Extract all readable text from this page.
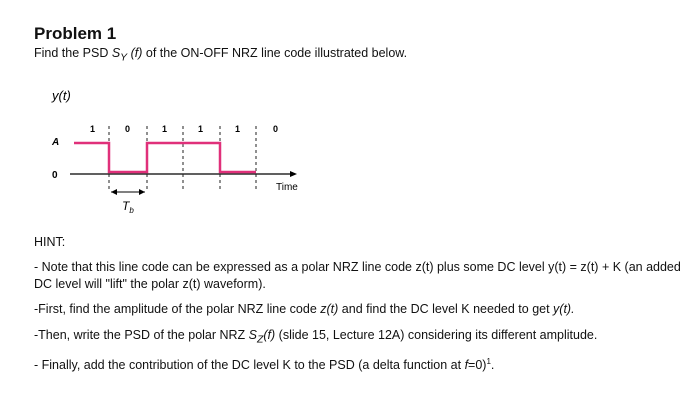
Problem 1
Find the PSD $S_Y$ (f) of the ON-OFF NRZ line code illustrated below.
y(t)
A
0
Time
1	0	1	1	1	0
$T_b$
HINT:
- Note that this line code can be expressed as a polar NRZ line code z(t) plus some DC level y(t) = z(t) + K (an added DC level will "lift" the polar z(t) waveform).
-First, find the amplitude of the polar NRZ line code z(t) and find the DC level K needed to get y(t).
-Then, write the PSD of the polar NRZ $S_Z(f)$ (slide 15, Lecture 12A) considering its different amplitude.
- Finally, add the contribution of the DC level K to the PSD (a delta function at f=0)$^1$.
